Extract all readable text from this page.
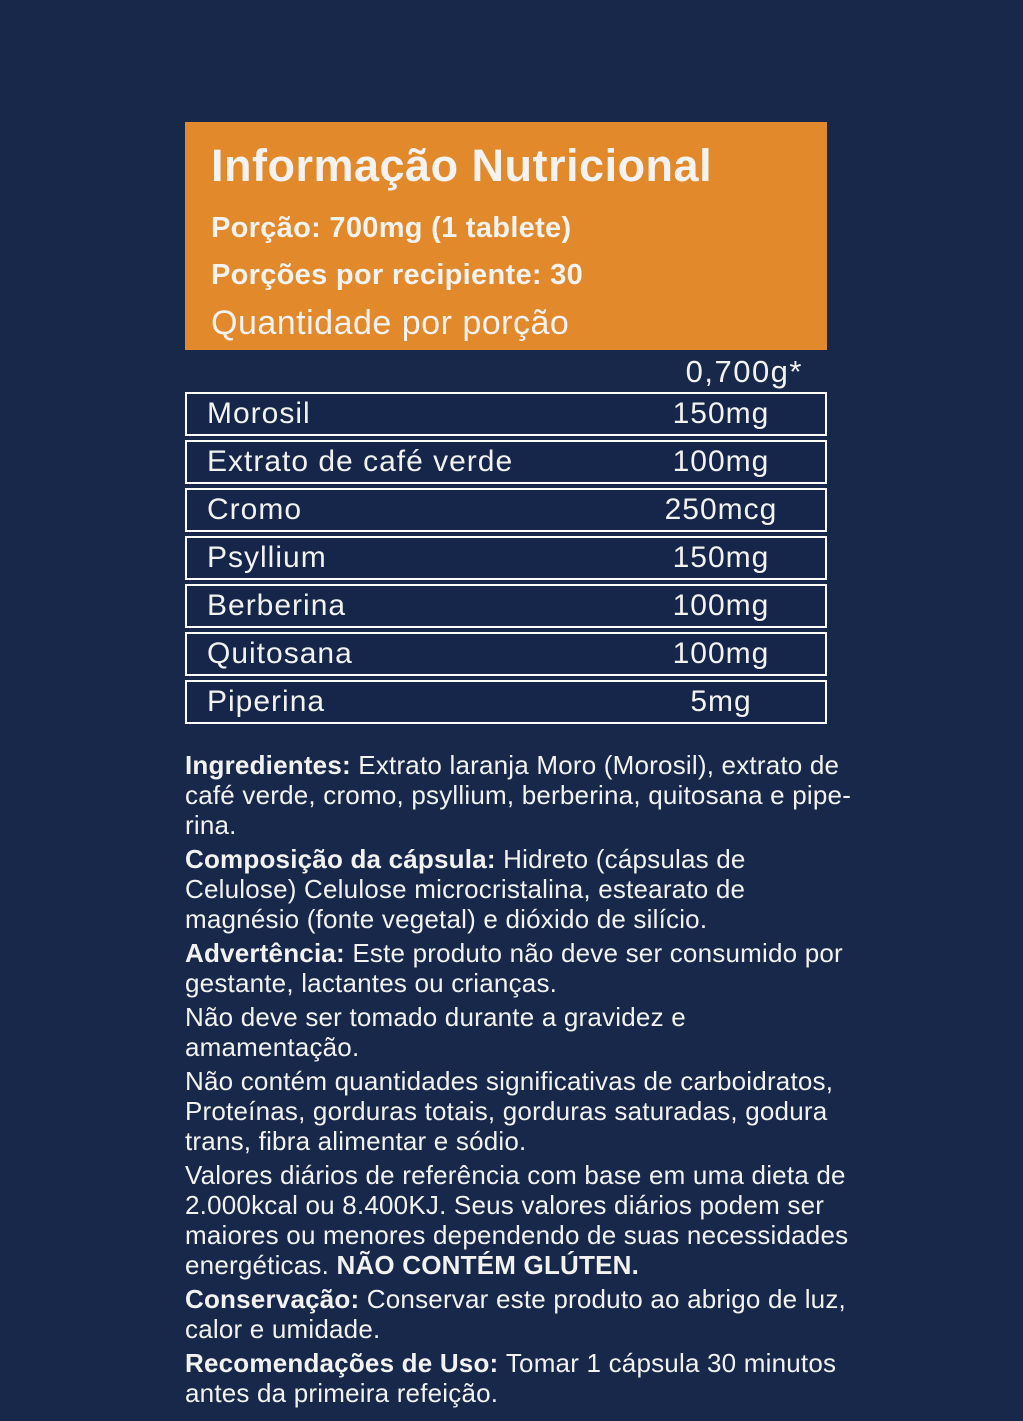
Informação Nutricional
Porção: 700mg (1 tablete)
Porções por recipiente: 30
Quantidade por porção
0,700g*
Morosil	150mg
Extrato de café verde	100mg
Cromo	250mcg
Psyllium	150mg
Berberina	100mg
Quitosana	100mg
Piperina	5mg

Ingredientes: Extrato laranja Moro (Morosil), extrato de café verde, cromo, psyllium, berberina, quitosana e piperina.

Composição da cápsula: Hidreto (cápsulas de Celulose) Celulose microcristalina, estearato de magnésio (fonte vegetal) e dióxido de silício.

Advertência: Este produto não deve ser consumido por gestante, lactantes ou crianças.

Não deve ser tomado durante a gravidez e amamentação.

Não contém quantidades significativas de carboidratos, Proteínas, gorduras totais, gorduras saturadas, godura trans, fibra alimentar e sódio.

Valores diários de referência com base em uma dieta de 2.000kcal ou 8.400KJ. Seus valores diários podem ser maiores ou menores dependendo de suas necessidades energéticas. NÃO CONTÉM GLÚTEN.

Conservação: Conservar este produto ao abrigo de luz, calor e umidade.

Recomendações de Uso: Tomar 1 cápsula 30 minutos antes da primeira refeição.
